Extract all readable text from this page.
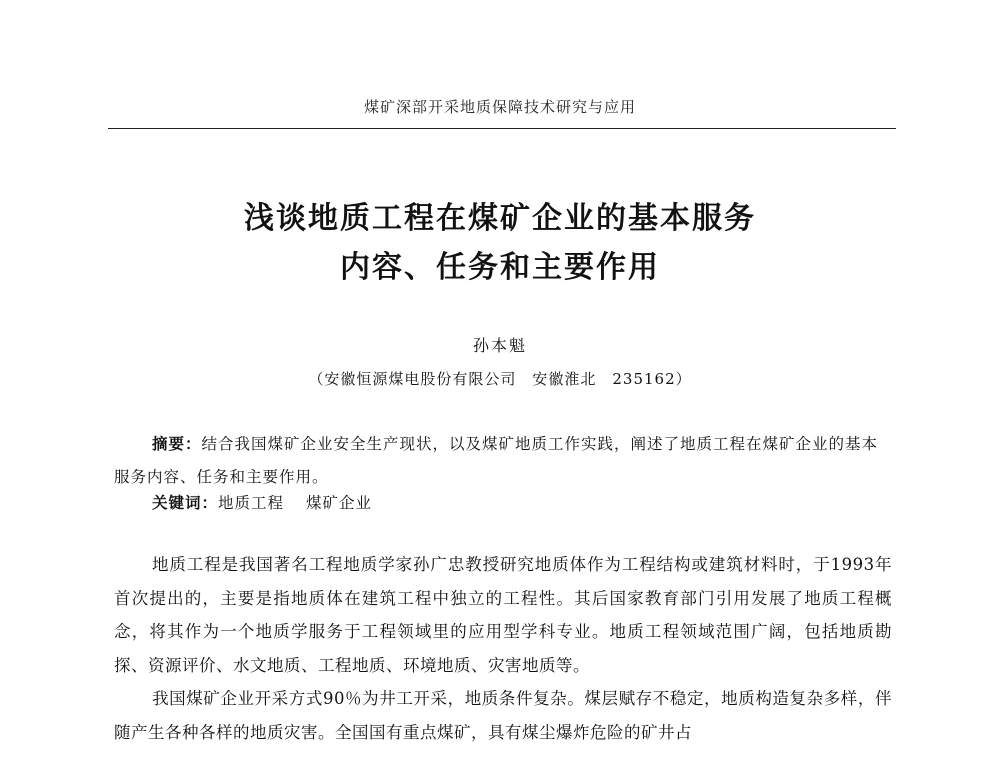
煤矿深部开采地质保障技术研究与应用
浅谈地质工程在煤矿企业的基本服务
内容、任务和主要作用
孙本魁
（安徽恒源煤电股份有限公司　安徽淮北　235162）

摘要：结合我国煤矿企业安全生产现状，以及煤矿地质工作实践，阐述了地质工程在煤矿企业的基本服务内容、任务和主要作用。

关键词：地质工程 煤矿企业

地质工程是我国著名工程地质学家孙广忠教授研究地质体作为工程结构或建筑材料时，于1993年首次提出的，主要是指地质体在建筑工程中独立的工程性。其后国家教育部门引用发展了地质工程概念，将其作为一个地质学服务于工程领域里的应用型学科专业。地质工程领域范围广阔，包括地质勘探、资源评价、水文地质、工程地质、环境地质、灾害地质等。

我国煤矿企业开采方式90％为井工开采，地质条件复杂。煤层赋存不稳定，地质构造复杂多样，伴随产生各种各样的地质灾害。全国国有重点煤矿，具有煤尘爆炸危险的矿井占
